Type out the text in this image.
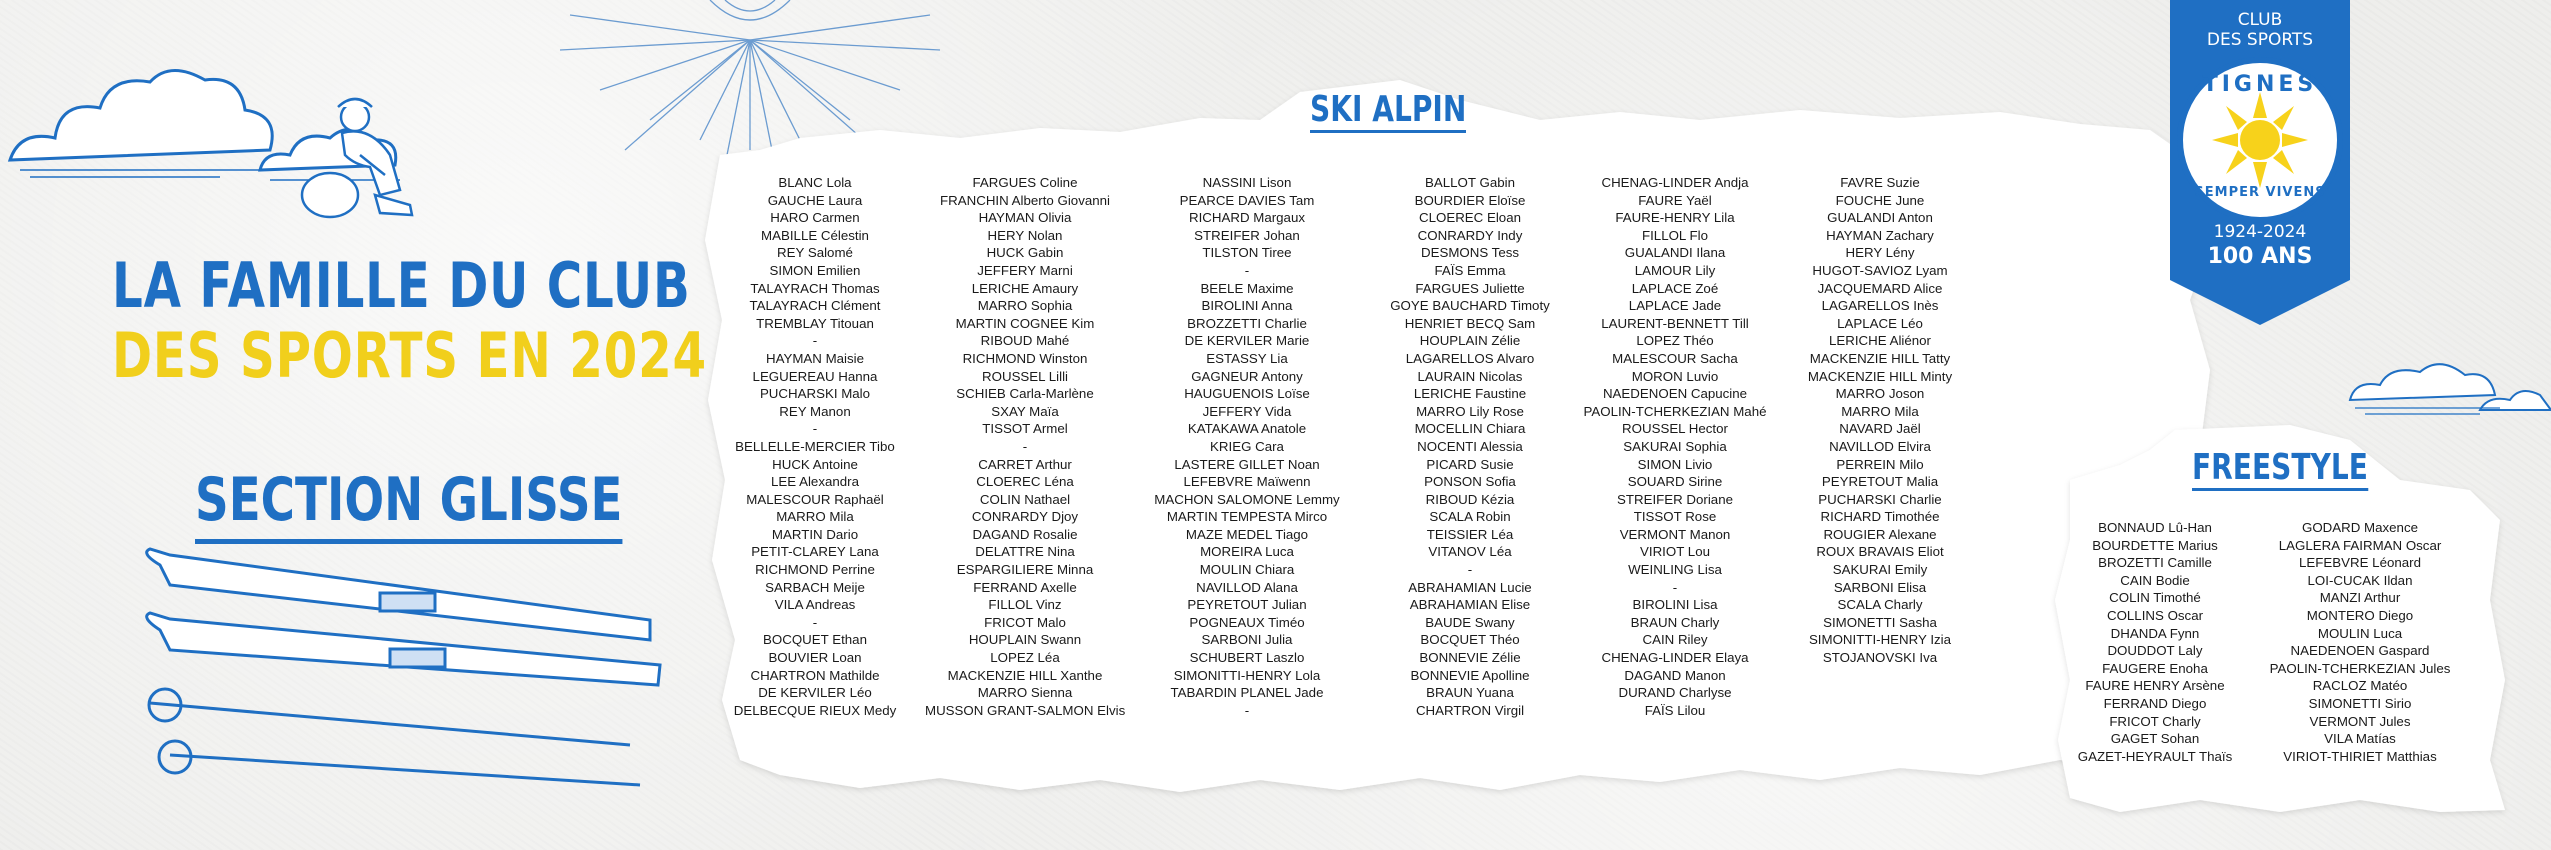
LA FAMILLE DU CLUB
DES SPORTS EN 2024
SECTION GLISSE
SKI ALPIN
FREESTYLE
BLANC Lola
GAUCHE Laura
HARO Carmen
MABILLE Célestin
REY Salomé
SIMON Emilien
TALAYRACH Thomas
TALAYRACH Clément
TREMBLAY Titouan
-
HAYMAN Maisie
LEGUEREAU Hanna
PUCHARSKI Malo
REY Manon
-
BELLELLE-MERCIER Tibo
HUCK Antoine
LEE Alexandra
MALESCOUR Raphaël
MARRO Mila
MARTIN Dario
PETIT-CLAREY Lana
RICHMOND Perrine
SARBACH Meije
VILA Andreas
-
BOCQUET Ethan
BOUVIER Loan
CHARTRON Mathilde
DE KERVILER Léo
DELBECQUE RIEUX Medy
FARGUES Coline
FRANCHIN Alberto Giovanni
HAYMAN Olivia
HERY Nolan
HUCK Gabin
JEFFERY Marni
LERICHE Amaury
MARRO Sophia
MARTIN COGNEE Kim
RIBOUD Mahé
RICHMOND Winston
ROUSSEL Lilli
SCHIEB Carla-Marlène
SXAY Maïa
TISSOT Armel
-
CARRET Arthur
CLOEREC Léna
COLIN Nathael
CONRARDY Djoy
DAGAND Rosalie
DELATTRE Nina
ESPARGILIERE Minna
FERRAND Axelle
FILLOL Vinz
FRICOT Malo
HOUPLAIN Swann
LOPEZ Léa
MACKENZIE HILL Xanthe
MARRO Sienna
MUSSON GRANT-SALMON Elvis
NASSINI Lison
PEARCE DAVIES Tam
RICHARD Margaux
STREIFER Johan
TILSTON Tiree
-
BEELE Maxime
BIROLINI Anna
BROZZETTI Charlie
DE KERVILER Marie
ESTASSY Lia
GAGNEUR Antony
HAUGUENOIS Loïse
JEFFERY Vida
KATAKAWA Anatole
KRIEG Cara
LASTERE GILLET Noan
LEFEBVRE Maïwenn
MACHON SALOMONE Lemmy
MARTIN TEMPESTA Mirco
MAZE MEDEL Tiago
MOREIRA Luca
MOULIN Chiara
NAVILLOD Alana
PEYRETOUT Julian
POGNEAUX Timéo
SARBONI Julia
SCHUBERT Laszlo
SIMONITTI-HENRY Lola
TABARDIN PLANEL Jade
-
BALLOT Gabin
BOURDIER Eloïse
CLOEREC Eloan
CONRARDY Indy
DESMONS Tess
FAÏS Emma
FARGUES Juliette
GOYE BAUCHARD Timoty
HENRIET BECQ Sam
HOUPLAIN Zélie
LAGARELLOS Alvaro
LAURAIN Nicolas
LERICHE Faustine
MARRO Lily Rose
MOCELLIN Chiara
NOCENTI Alessia
PICARD Susie
PONSON Sofia
RIBOUD Kézia
SCALA Robin
TEISSIER Léa
VITANOV Léa
-
ABRAHAMIAN Lucie
ABRAHAMIAN Elise
BAUDE Swany
BOCQUET Théo
BONNEVIE Zélie
BONNEVIE Apolline
BRAUN Yuana
CHARTRON Virgil
CHENAG-LINDER Andja
FAURE Yaël
FAURE-HENRY Lila
FILLOL Flo
GUALANDI Ilana
LAMOUR Lily
LAPLACE Zoé
LAPLACE Jade
LAURENT-BENNETT Till
LOPEZ Théo
MALESCOUR Sacha
MORON Luvio
NAEDENOEN Capucine
PAOLIN-TCHERKEZIAN Mahé
ROUSSEL Hector
SAKURAI Sophia
SIMON Livio
SOUARD Sirine
STREIFER Doriane
TISSOT Rose
VERMONT Manon
VIRIOT Lou
WEINLING Lisa
-
BIROLINI Lisa
BRAUN Charly
CAIN Riley
CHENAG-LINDER Elaya
DAGAND Manon
DURAND Charlyse
FAÏS Lilou
FAVRE Suzie
FOUCHE June
GUALANDI Anton
HAYMAN Zachary
HERY Lény
HUGOT-SAVIOZ Lyam
JACQUEMARD Alice
LAGARELLOS Inès
LAPLACE Léo
LERICHE Aliénor
MACKENZIE HILL Tatty
MACKENZIE HILL Minty
MARRO Joson
MARRO Mila
NAVARD Jaël
NAVILLOD Elvira
PERREIN Milo
PEYRETOUT Malia
PUCHARSKI Charlie
RICHARD Timothée
ROUGIER Alexane
ROUX BRAVAIS Eliot
SAKURAI Emily
SARBONI Elisa
SCALA Charly
SIMONETTI Sasha
SIMONITTI-HENRY Izia
STOJANOVSKI Iva
BONNAUD Lû-Han
BOURDETTE Marius
BROZETTI Camille
CAIN Bodie
COLIN Timothé
COLLINS Oscar
DHANDA Fynn
DOUDDOT Laly
FAUGERE Enoha
FAURE HENRY Arsène
FERRAND Diego
FRICOT Charly
GAGET Sohan
GAZET-HEYRAULT Thaïs
GODARD Maxence
LAGLERA FAIRMAN Oscar
LEFEBVRE Léonard
LOI-CUCAK Ildan
MANZI Arthur
MONTERO Diego
MOULIN Luca
NAEDENOEN Gaspard
PAOLIN-TCHERKEZIAN Jules
RACLOZ Matéo
SIMONETTI Sirio
VERMONT Jules
VILA Matías
VIRIOT-THIRIET Matthias
CLUB
DES SPORTS
TIGNES
SEMPER VIVENS
1924-2024
100 ANS
